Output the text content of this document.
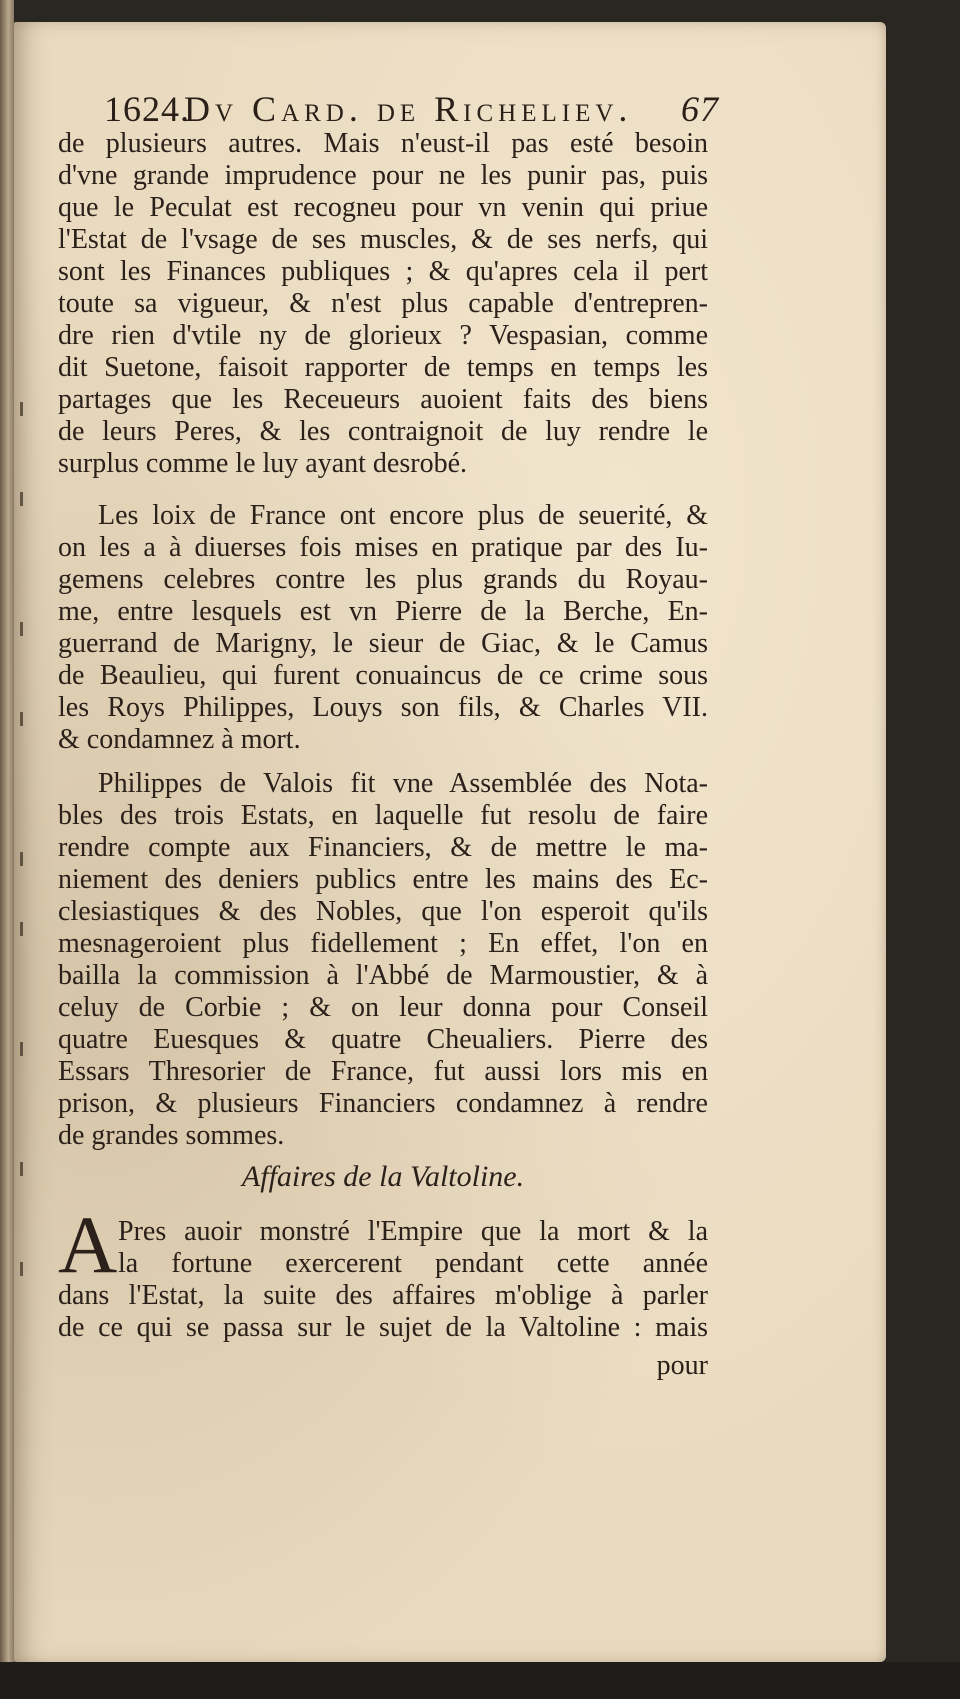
1624.
Dv Card. de Richeliev. 67
de plusieurs autres. Mais n'eust-il pas esté besoin
d'vne grande imprudence pour ne les punir pas, puis
que le Peculat est recogneu pour vn venin qui priue
l'Estat de l'vsage de ses muscles, & de ses nerfs, qui
sont les Finances publiques ; & qu'apres cela il pert
toute sa vigueur, & n'est plus capable d'entrepren-
dre rien d'vtile ny de glorieux ? Vespasian, comme
dit Suetone, faisoit rapporter de temps en temps les
partages que les Receueurs auoient faits des biens
de leurs Peres, & les contraignoit de luy rendre le
surplus comme le luy ayant desrobé.
Les loix de France ont encore plus de seuerité, &
on les a à diuerses fois mises en pratique par des Iu-
gemens celebres contre les plus grands du Royau-
me, entre lesquels est vn Pierre de la Berche, En-
guerrand de Marigny, le sieur de Giac, & le Camus
de Beaulieu, qui furent conuaincus de ce crime sous
les Roys Philippes, Louys son fils, & Charles VII.
& condamnez à mort.
Philippes de Valois fit vne Assemblée des Nota-
bles des trois Estats, en laquelle fut resolu de faire
rendre compte aux Financiers, & de mettre le ma-
niement des deniers publics entre les mains des Ec-
clesiastiques & des Nobles, que l'on esperoit qu'ils
mesnageroient plus fidellement ; En effet, l'on en
bailla la commission à l'Abbé de Marmoustier, & à
celuy de Corbie ; & on leur donna pour Conseil
quatre Euesques & quatre Cheualiers. Pierre des
Essars Thresorier de France, fut aussi lors mis en
prison, & plusieurs Financiers condamnez à rendre
de grandes sommes.
Affaires de la Valtoline.
A Pres auoir monstré l'Empire que la mort & la
la fortune exercerent pendant cette année
dans l'Estat, la suite des affaires m'oblige à parler
de ce qui se passa sur le sujet de la Valtoline : mais
pour
